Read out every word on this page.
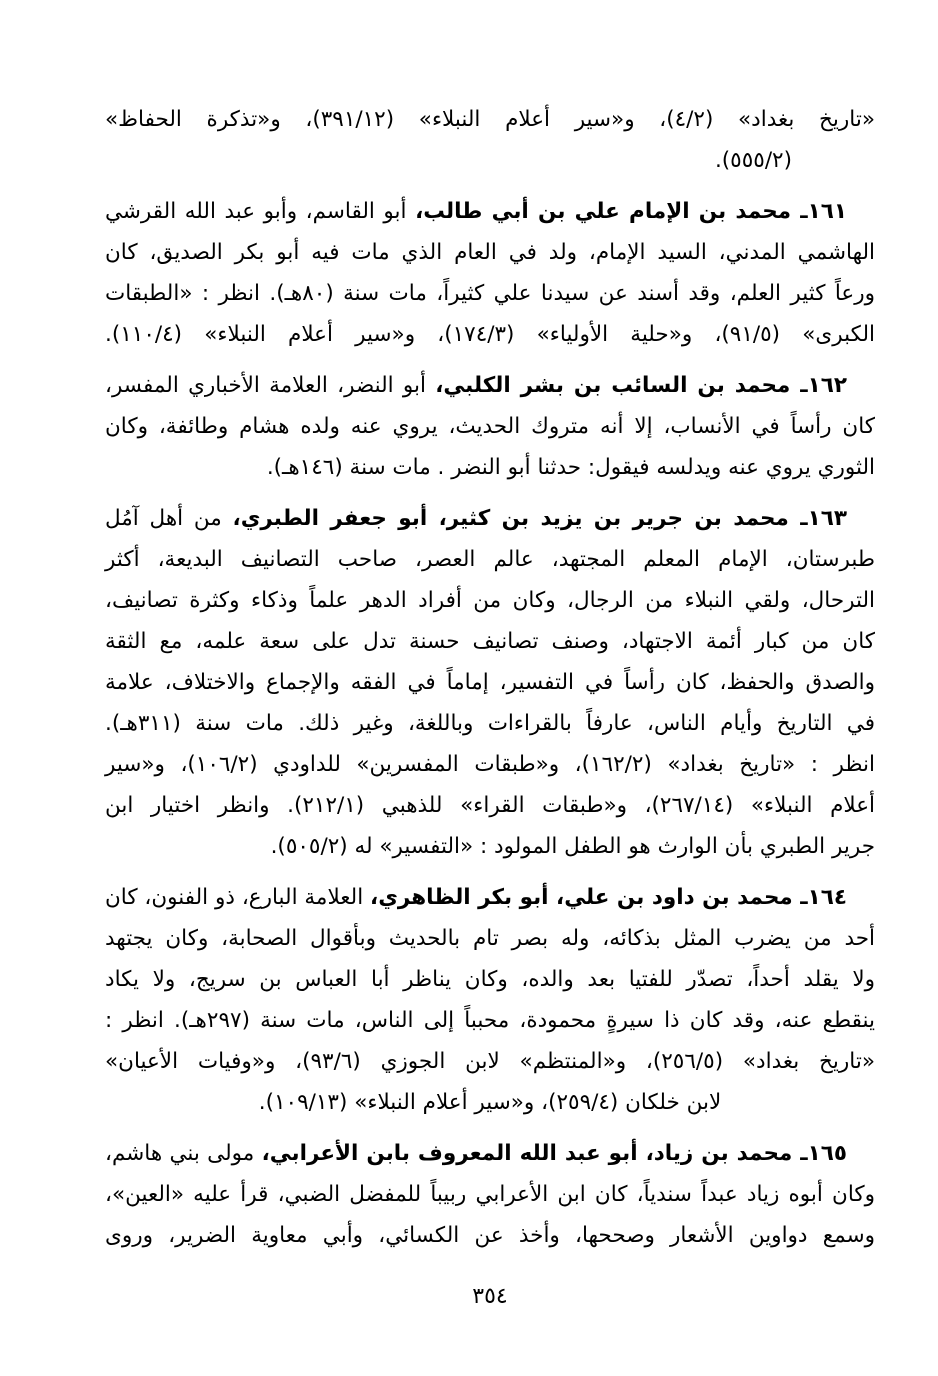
«تاريخ بغداد» (٤/٢)، و«سير أعلام النبلاء» (٣٩١/١٢)، و«تذكرة الحفاظ»
(٥٥٥/٢).
١٦١ـ محمد بن الإمام علي بن أبي طالب، أبو القاسم، وأبو عبد الله القرشي
الهاشمي المدني، السيد الإمام، ولد في العام الذي مات فيه أبو بكر الصديق، كان
ورعاً كثير العلم، وقد أسند عن سيدنا علي كثيراً، مات سنة (٨٠هـ). انظر : «الطبقات
الكبرى» (٩١/٥)، و«حلية الأولياء» (١٧٤/٣)، و«سير أعلام النبلاء» (١١٠/٤).
١٦٢ـ محمد بن السائب بن بشر الكلبي، أبو النضر، العلامة الأخباري المفسر،
كان رأساً في الأنساب، إلا أنه متروك الحديث، يروي عنه ولده هشام وطائفة، وكان
الثوري يروي عنه ويدلسه فيقول: حدثنا أبو النضر . مات سنة (١٤٦هـ).
١٦٣ـ محمد بن جرير بن يزيد بن كثير، أبو جعفر الطبري، من أهل آمُل
طبرستان، الإمام المعلم المجتهد، عالم العصر، صاحب التصانيف البديعة، أكثر
الترحال، ولقي النبلاء من الرجال، وكان من أفراد الدهر علماً وذكاء وكثرة تصانيف،
كان من كبار أئمة الاجتهاد، وصنف تصانيف حسنة تدل على سعة علمه، مع الثقة
والصدق والحفظ، كان رأساً في التفسير، إماماً في الفقه والإجماع والاختلاف، علامة
في التاريخ وأيام الناس، عارفاً بالقراءات وباللغة، وغير ذلك. مات سنة (٣١١هـ).
انظر : «تاريخ بغداد» (١٦٢/٢)، و«طبقات المفسرين» للداودي (١٠٦/٢)، و«سير
أعلام النبلاء» (٢٦٧/١٤)، و«طبقات القراء» للذهبي (٢١٢/١). وانظر اختيار ابن
جرير الطبري بأن الوارث هو الطفل المولود : «التفسير» له (٥٠٥/٢).
١٦٤ـ محمد بن داود بن علي، أبو بكر الظاهري، العلامة البارع، ذو الفنون، كان
أحد من يضرب المثل بذكائه، وله بصر تام بالحديث وبأقوال الصحابة، وكان يجتهد
ولا يقلد أحداً، تصدّر للفتيا بعد والده، وكان يناظر أبا العباس بن سريج، ولا يكاد
ينقطع عنه، وقد كان ذا سيرةٍ محمودة، محبباً إلى الناس، مات سنة (٢٩٧هـ). انظر :
«تاريخ بغداد» (٢٥٦/٥)، و«المنتظم» لابن الجوزي (٩٣/٦)، و«وفيات الأعيان»
لابن خلكان (٢٥٩/٤)، و«سير أعلام النبلاء» (١٠٩/١٣).
١٦٥ـ محمد بن زياد، أبو عبد الله المعروف بابن الأعرابي، مولى بني هاشم،
وكان أبوه زياد عبداً سندياً، كان ابن الأعرابي ربيباً للمفضل الضبي، قرأ عليه «العين»،
وسمع دواوين الأشعار وصححها، وأخذ عن الكسائي، وأبي معاوية الضرير، وروى
٣٥٤
